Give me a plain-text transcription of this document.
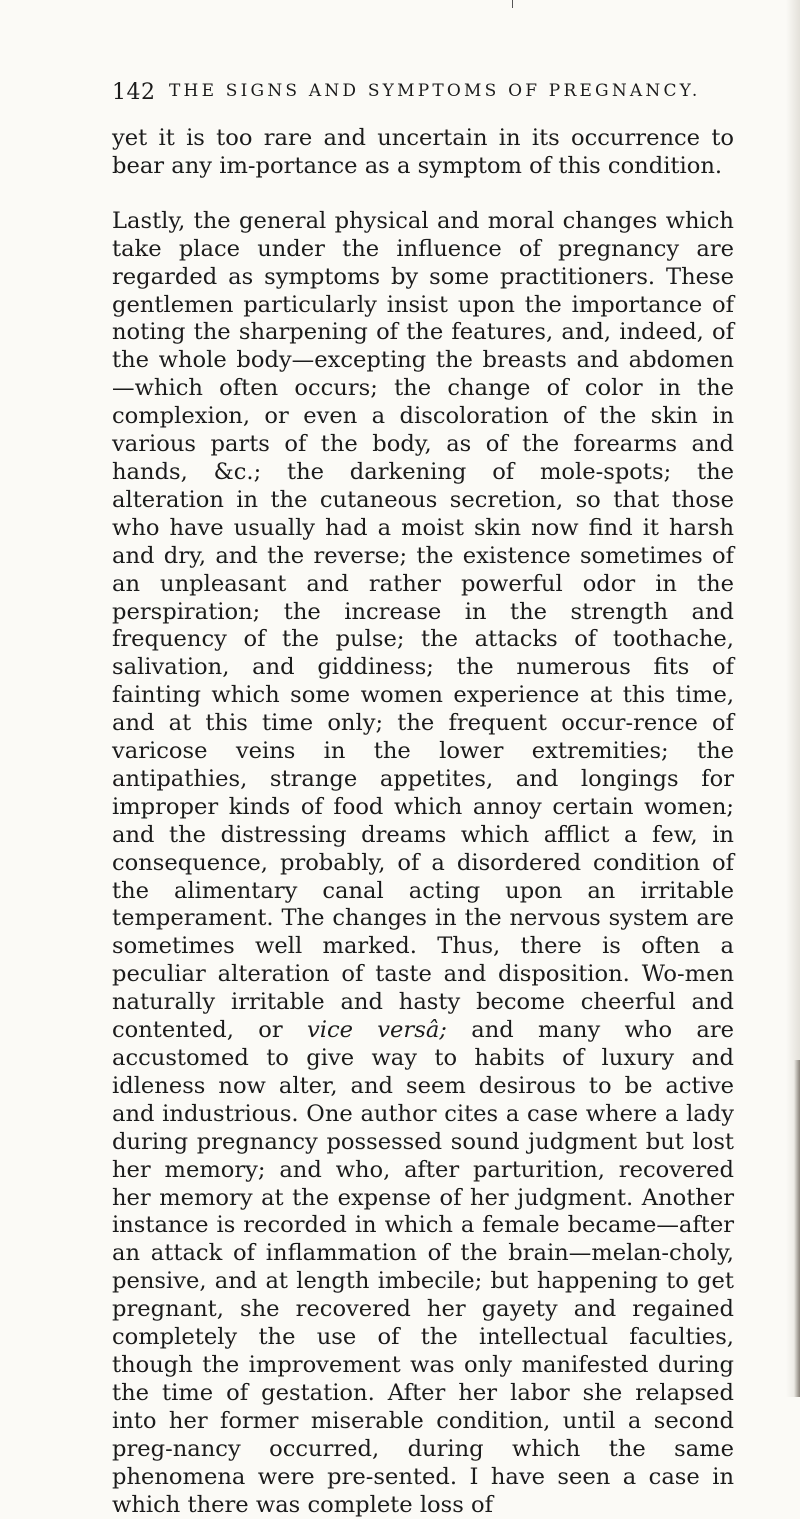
142 THE SIGNS AND SYMPTOMS OF PREGNANCY.

yet it is too rare and uncertain in its occurrence to bear any im-portance as a symptom of this condition.

Lastly, the general physical and moral changes which take place under the influence of pregnancy are regarded as symptoms by some practitioners. These gentlemen particularly insist upon the importance of noting the sharpening of the features, and, indeed, of the whole body—excepting the breasts and abdomen—which often occurs; the change of color in the complexion, or even a discoloration of the skin in various parts of the body, as of the forearms and hands, &c.; the darkening of mole-spots; the alteration in the cutaneous secretion, so that those who have usually had a moist skin now find it harsh and dry, and the reverse; the existence sometimes of an unpleasant and rather powerful odor in the perspiration; the increase in the strength and frequency of the pulse; the attacks of toothache, salivation, and giddiness; the numerous fits of fainting which some women experience at this time, and at this time only; the frequent occur-rence of varicose veins in the lower extremities; the antipathies, strange appetites, and longings for improper kinds of food which annoy certain women; and the distressing dreams which afflict a few, in consequence, probably, of a disordered condition of the alimentary canal acting upon an irritable temperament. The changes in the nervous system are sometimes well marked. Thus, there is often a peculiar alteration of taste and disposition. Wo-men naturally irritable and hasty become cheerful and contented, or vice versâ; and many who are accustomed to give way to habits of luxury and idleness now alter, and seem desirous to be active and industrious. One author cites a case where a lady during pregnancy possessed sound judgment but lost her memory; and who, after parturition, recovered her memory at the expense of her judgment. Another instance is recorded in which a female became—after an attack of inflammation of the brain—melan-choly, pensive, and at length imbecile; but happening to get pregnant, she recovered her gayety and regained completely the use of the intellectual faculties, though the improvement was only manifested during the time of gestation. After her labor she relapsed into her former miserable condition, until a second preg-nancy occurred, during which the same phenomena were pre-sented. I have seen a case in which there was complete loss of
